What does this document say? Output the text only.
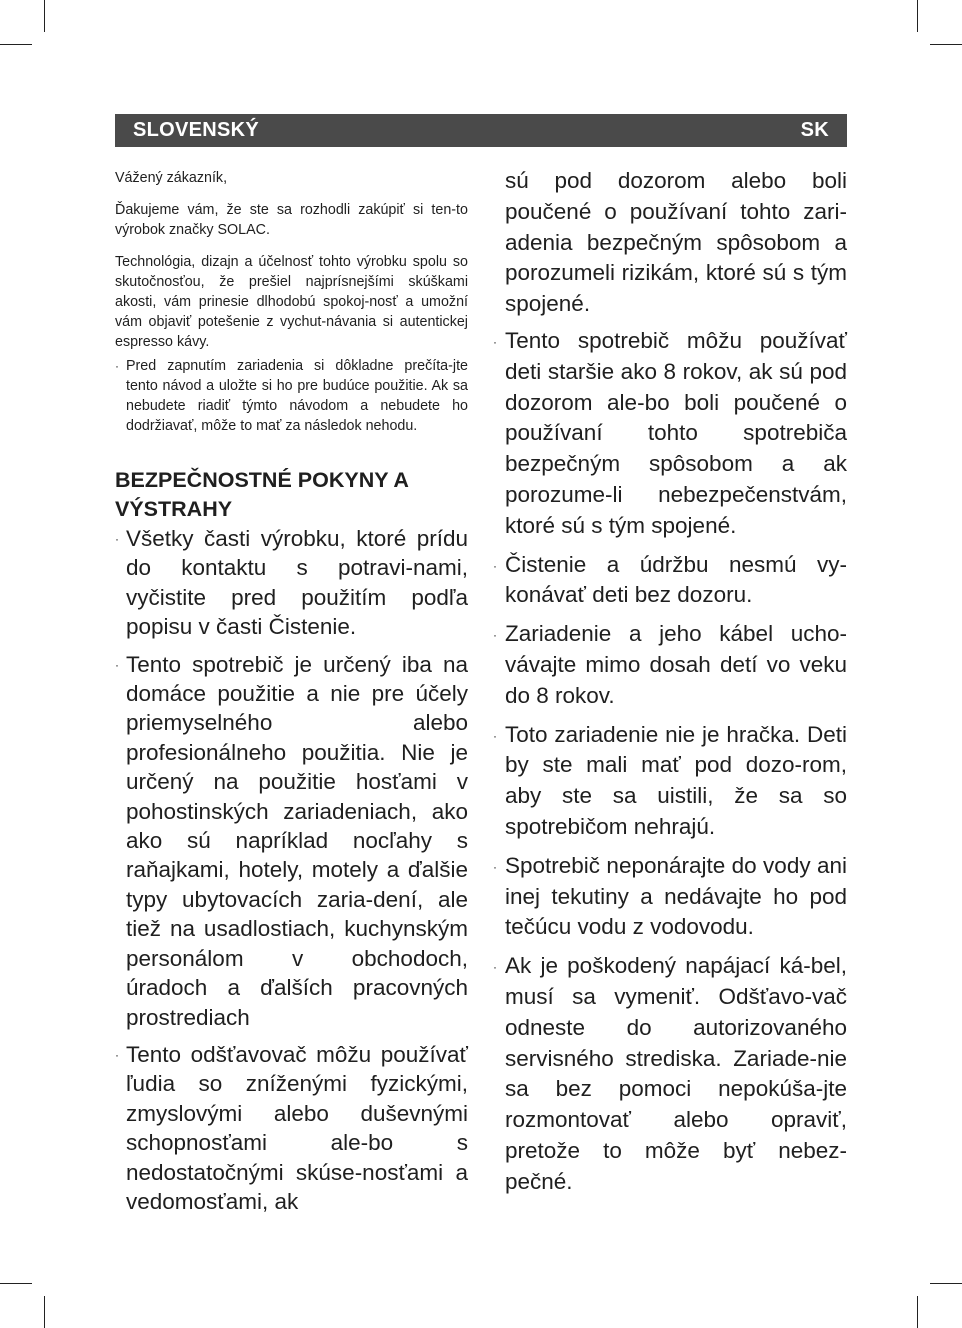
SLOVENSKÝ	SK

Vážený zákazník,

Ďakujeme vám, že ste sa rozhodli zakúpiť si ten-to výrobok značky SOLAC.

Technológia, dizajn a účelnosť tohto výrobku spolu so skutočnosťou, že prešiel najprísnejšími skúškami akosti, vám prinesie dlhodobú spokoj-nosť a umožní vám objaviť potešenie z vychut-návania si autentickej espresso kávy.

· Pred zapnutím zariadenia si dôkladne prečíta-jte tento návod a uložte si ho pre budúce použitie. Ak sa nebudete riadiť týmto návodom a nebudete ho dodržiavať, môže to mať za následok nehodu.
BEZPEČNOSTNÉ POKYNY A VÝSTRAHY
· Všetky časti výrobku, ktoré prídu do kontaktu s potravi-nami, vyčistite pred použitím podľa popisu v časti Čistenie.
· Tento spotrebič je určený iba na domáce použitie a nie pre účely priemyselného alebo profesionálneho použitia. Nie je určený na použitie hosťami v pohostinských zariadeniach, ako ako sú napríklad nocľahy s raňajkami, hotely, motely a ďalšie typy ubytovacích zaria-dení, ale tiež na usadlostiach, kuchynským personálom v obchodoch, úradoch a ďalších pracovných prostrediach
· Tento odšťavovač môžu používať ľudia so zníženými fyzickými, zmyslovými alebo duševnými schopnosťami ale-bo s nedostatočnými skúse-nosťami a vedomosťami, ak
sú pod dozorom alebo boli poučené o používaní tohto zari-adenia bezpečným spôsobom a porozumeli rizikám, ktoré sú s tým spojené.
· Tento spotrebič môžu používať deti staršie ako 8 rokov, ak sú pod dozorom ale-bo boli poučené o používaní tohto spotrebiča bezpečným spôsobom a ak porozume-li nebezpečenstvám, ktoré sú s tým spojené.
· Čistenie a údržbu nesmú vy-konávať deti bez dozoru.
· Zariadenie a jeho kábel ucho-vávajte mimo dosah detí vo veku do 8 rokov.
· Toto zariadenie nie je hračka. Deti by ste mali mať pod dozo-rom, aby ste sa uistili, že sa so spotrebičom nehrajú.
· Spotrebič neponárajte do vody ani inej tekutiny a nedávajte ho pod tečúcu vodu z vodovodu.
· Ak je poškodený napájací ká-bel, musí sa vymeniť. Odšťavo-vač odneste do autorizovaného servisného strediska. Zariade-nie sa bez pomoci nepokúša-jte rozmontovať alebo opraviť, pretože to môže byť nebez-pečné.
